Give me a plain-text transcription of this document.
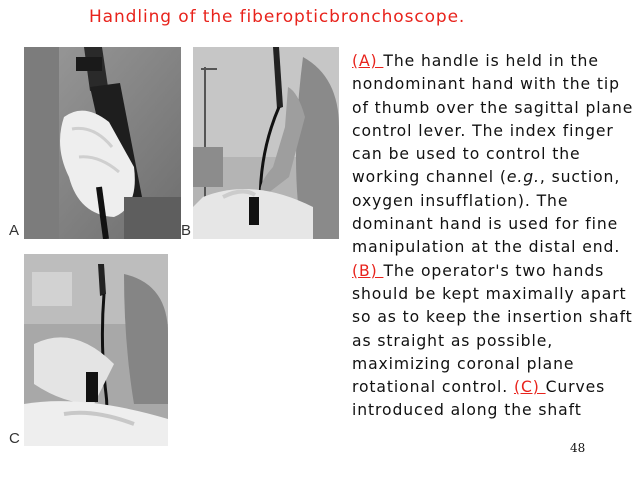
Handling of the fiberopticbronchoscope.
A	B
C

(A) The handle is held in the nondominant hand with the tip of thumb over the sagittal plane control lever. The index finger can be used to control the working channel (e.g., suction, oxygen insufflation). The dominant hand is used for fine manipulation at the distal end. (B) The operator's two hands should be kept maximally apart so as to keep the insertion shaft as straight as possible, maximizing coronal plane rotational control. (C) Curves introduced along the shaft

48
